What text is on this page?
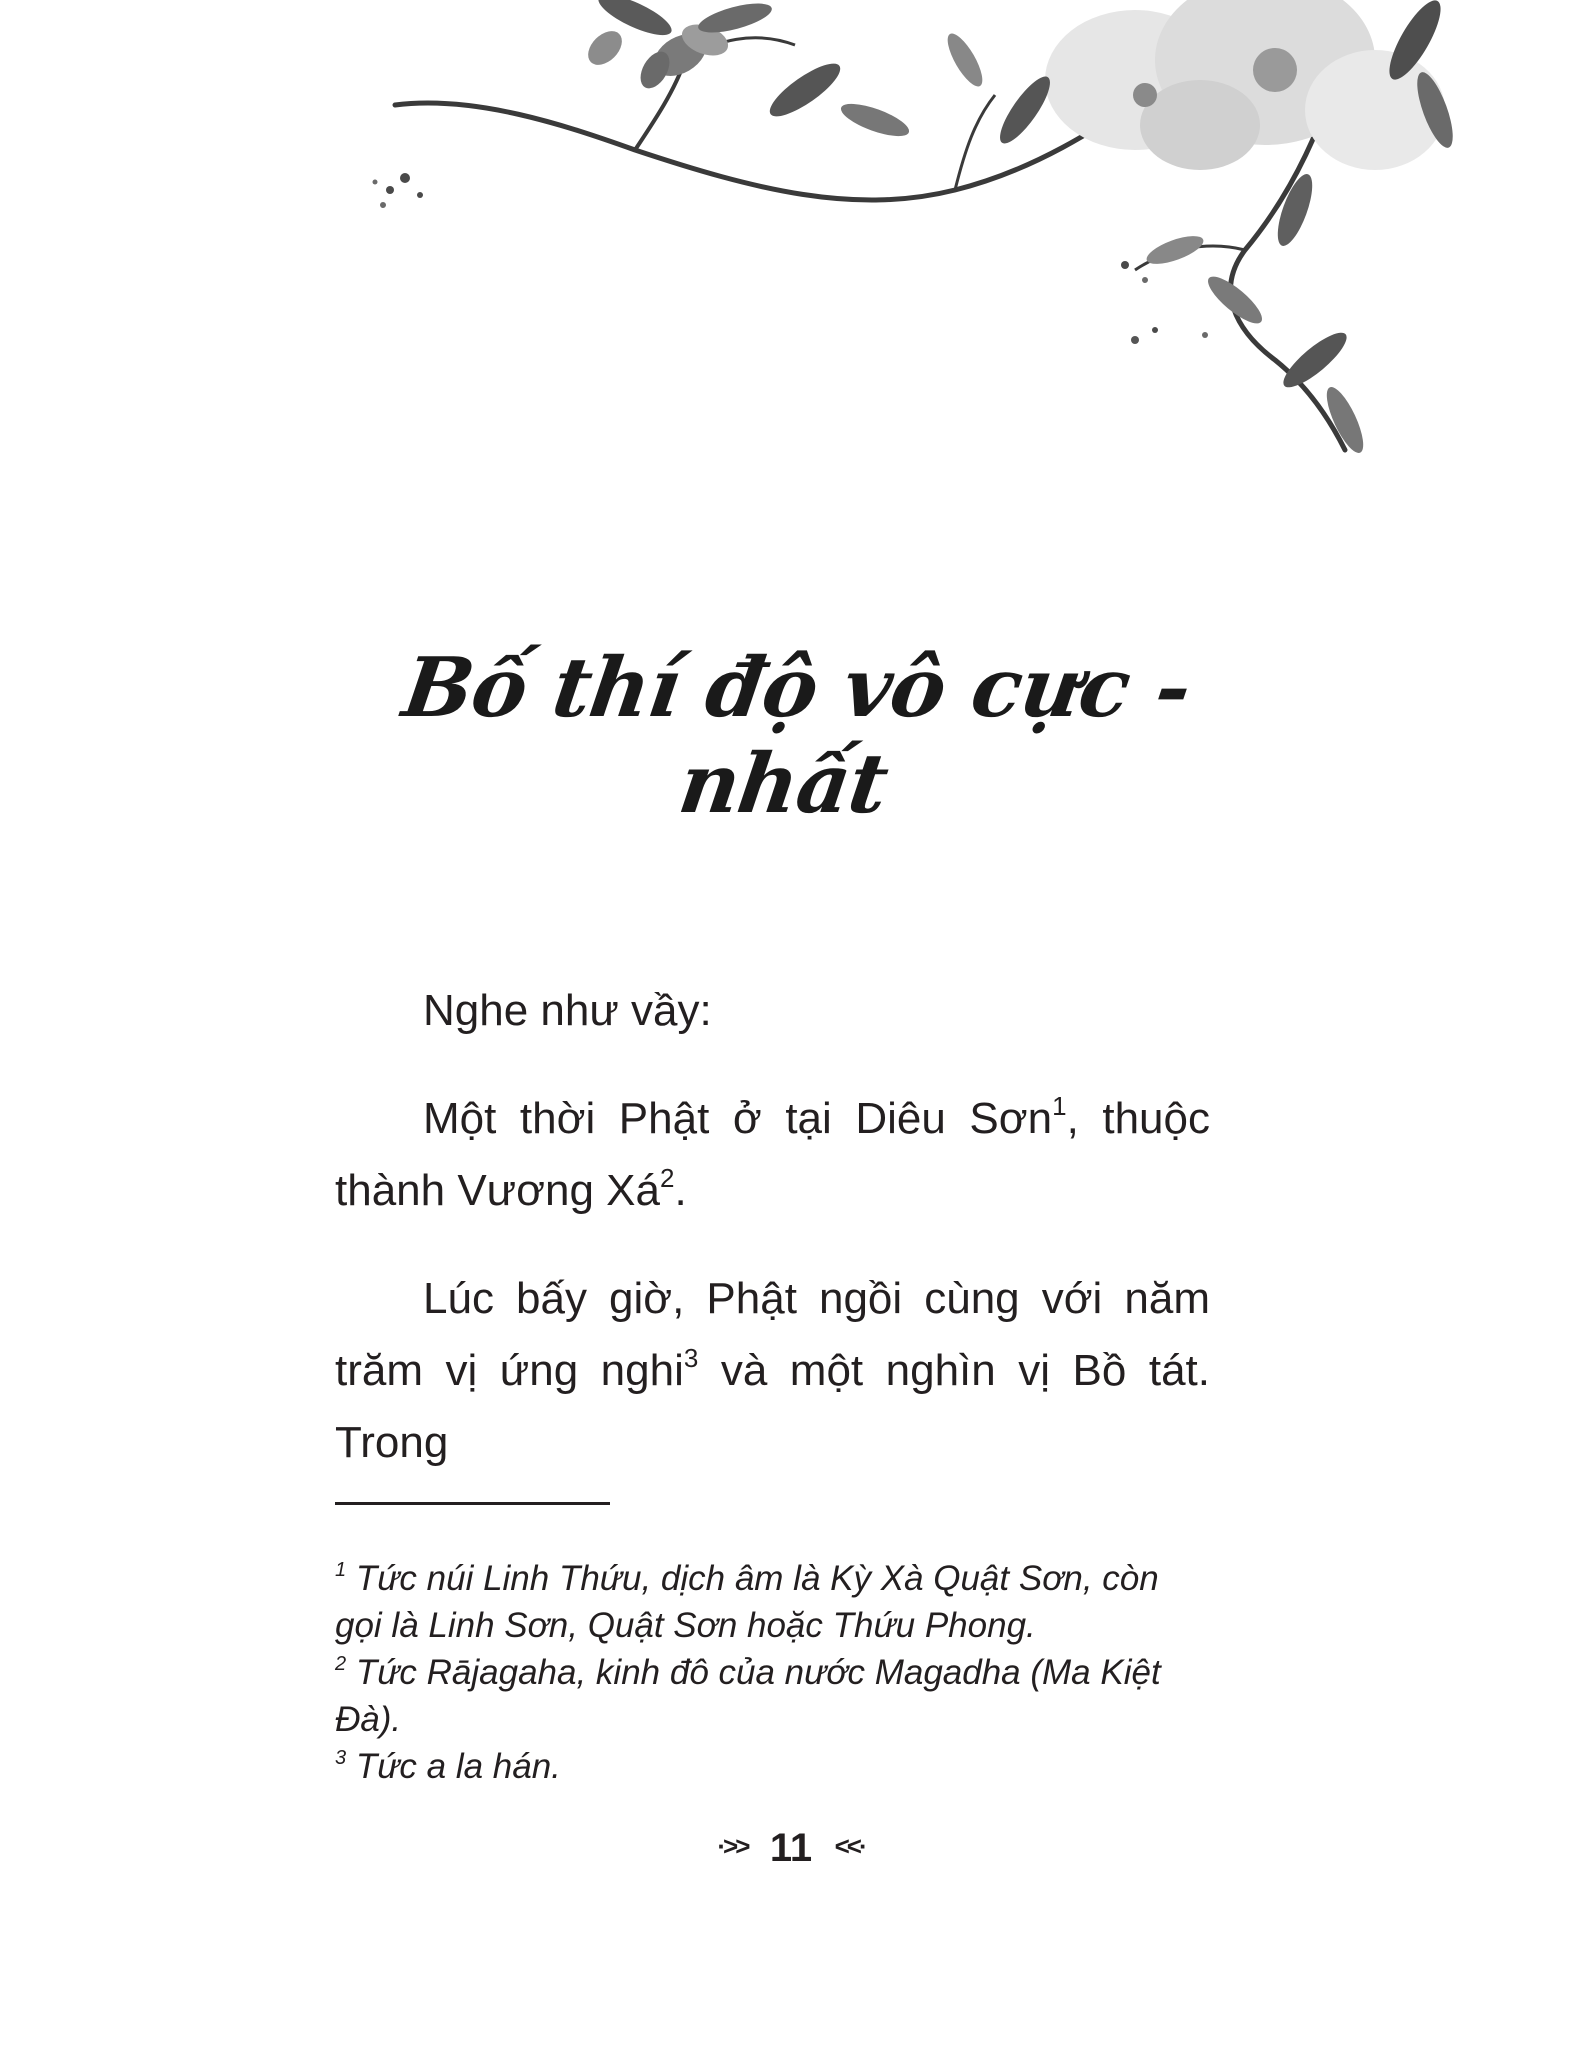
Bố thí độ vô cực - nhất

Nghe như vầy:

Một thời Phật ở tại Diêu Sơn$^1$, thuộc thành Vương $Xá^2$.

Lúc bấy giờ, Phật ngồi cùng với năm trăm vị ứng nghi$^3$ và một nghìn vị Bồ tát. Trong

$^1$ Tức núi Linh Thứu, dịch âm là Kỳ Xà Quật Sơn, còn gọi là Linh Sơn, Quật Sơn hoặc Thứu Phong.

$^2$ Tức Rājagaha, kinh đô của nước Magadha (Ma Kiệt Đà).

$^3$ Tức a la hán.

·>> 11 <<·
